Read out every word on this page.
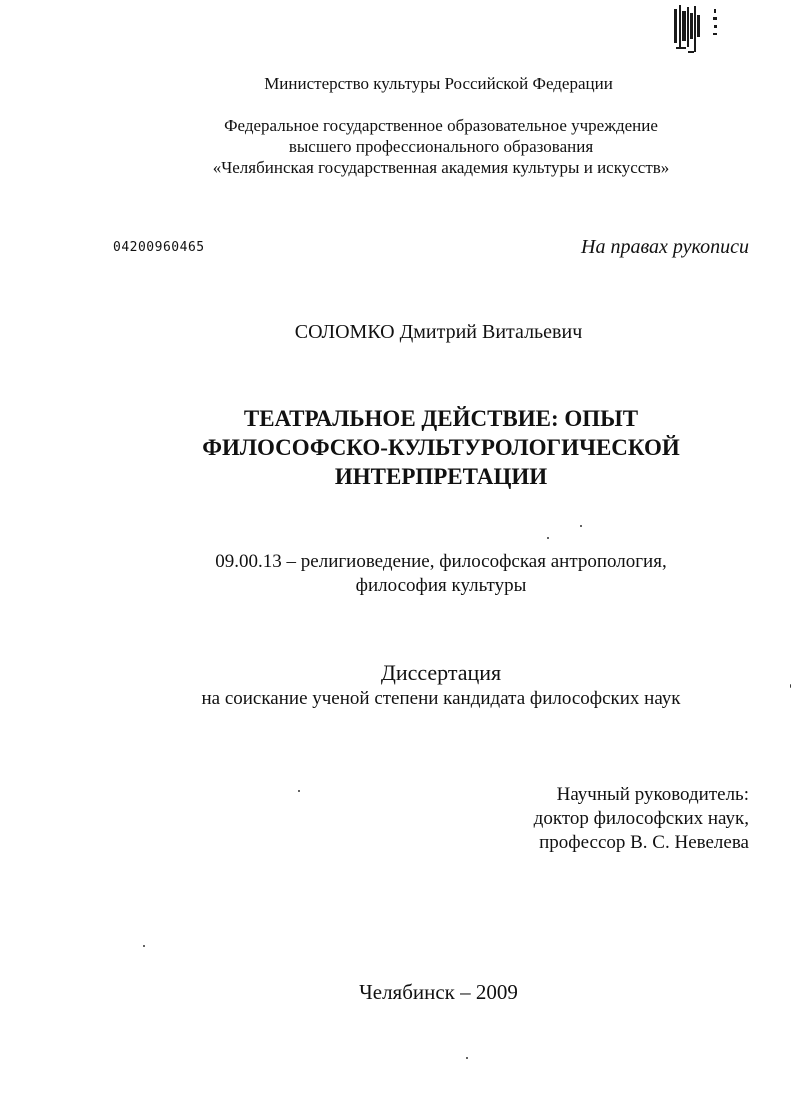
Министерство культуры Российской Федерации
Федеральное государственное образовательное учреждение
высшего профессионального образования
«Челябинская государственная академия культуры и искусств»
04200960465	На правах рукописи
СОЛОМКО Дмитрий Витальевич
ТЕАТРАЛЬНОЕ ДЕЙСТВИЕ: ОПЫТ
ФИЛОСОФСКО-КУЛЬТУРОЛОГИЧЕСКОЙ
ИНТЕРПРЕТАЦИИ
09.00.13 – религиоведение, философская антропология,
философия культуры
Диссертация
на соискание ученой степени кандидата философских наук
Научный руководитель:
доктор философских наук,
профессор В. С. Невелева
Челябинск – 2009
